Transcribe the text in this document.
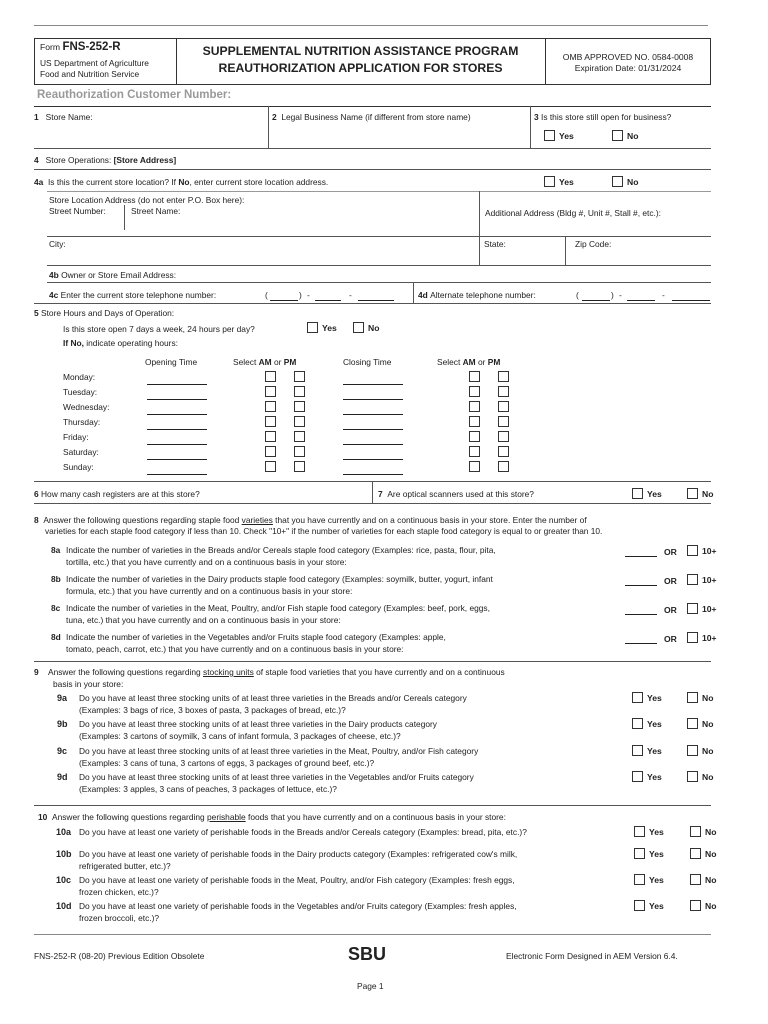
Form FNS-252-R
US Department of Agriculture
Food and Nutrition Service
SUPPLEMENTAL NUTRITION ASSISTANCE PROGRAM
REAUTHORIZATION APPLICATION FOR STORES
OMB APPROVED NO. 0584-0008
Expiration Date: 01/31/2024
Reauthorization Customer Number:
1 Store Name:	2 Legal Business Name (if different from store name)	3 Is this store still open for business?
Yes	No
4 Store Operations: [Store Address]
4a Is this the current store location? If No, enter current store location address.	Yes	No
Store Location Address (do not enter P.O. Box here):
Street Number:	Street Name:	Additional Address (Bldg #, Unit #, Stall #, etc.):
City:	State:	Zip Code:
4b Owner or Store Email Address:
4c Enter the current store telephone number:	(	) -	-	4d Alternate telephone number:	(	) -	-
5 Store Hours and Days of Operation:
Is this store open 7 days a week, 24 hours per day?	Yes	No
If No, indicate operating hours:
Opening Time	Select AM or PM	Closing Time	Select AM or PM
Monday:
Tuesday:
Wednesday:
Thursday:
Friday:
Saturday:
Sunday:
6 How many cash registers are at this store?	7 Are optical scanners used at this store?	Yes	No
8 Answer the following questions regarding staple food varieties that you have currently and on a continuous basis in your store. Enter the number of
varieties for each staple food category if less than 10. Check "10+" if the number of varieties for each staple food category is equal to or greater than 10.
8a Indicate the number of varieties in the Breads and/or Cereals staple food category (Examples: rice, pasta, flour, pita,
tortilla, etc.) that you have currently and on a continuous basis in your store:
OR	10+
8b Indicate the number of varieties in the Dairy products staple food category (Examples: soymilk, butter, yogurt, infant
formula, etc.) that you have currently and on a continuous basis in your store:
OR	10+
8c Indicate the number of varieties in the Meat, Poultry, and/or Fish staple food category (Examples: beef, pork, eggs,
tuna, etc.) that you have currently and on a continuous basis in your store:
OR	10+
8d Indicate the number of varieties in the Vegetables and/or Fruits staple food category (Examples: apple,
tomato, peach, carrot, etc.) that you have currently and on a continuous basis in your store:
OR	10+
9 Answer the following questions regarding stocking units of staple food varieties that you have currently and on a continuous
basis in your store:
9a Do you have at least three stocking units of at least three varieties in the Breads and/or Cereals category
(Examples: 3 bags of rice, 3 boxes of pasta, 3 packages of bread, etc.)?
Yes	No
9b Do you have at least three stocking units of at least three varieties in the Dairy products category
(Examples: 3 cartons of soymilk, 3 cans of infant formula, 3 packages of cheese, etc.)?
Yes	No
9c Do you have at least three stocking units of at least three varieties in the Meat, Poultry, and/or Fish category
(Examples: 3 cans of tuna, 3 cartons of eggs, 3 packages of ground beef, etc.)?
Yes	No
9d Do you have at least three stocking units of at least three varieties in the Vegetables and/or Fruits category
(Examples: 3 apples, 3 cans of peaches, 3 packages of lettuce, etc.)?
Yes	No
10 Answer the following questions regarding perishable foods that you have currently and on a continuous basis in your store:
10a Do you have at least one variety of perishable foods in the Breads and/or Cereals category (Examples: bread, pita, etc.)?	Yes	No
10b Do you have at least one variety of perishable foods in the Dairy products category (Examples: refrigerated cow's milk,
refrigerated butter, etc.)?
Yes	No
10c Do you have at least one variety of perishable foods in the Meat, Poultry, and/or Fish category (Examples: fresh eggs,
frozen chicken, etc.)?
Yes	No
10d Do you have at least one variety of perishable foods in the Vegetables and/or Fruits category (Examples: fresh apples,
frozen broccoli, etc.)?
Yes	No
FNS-252-R (08-20) Previous Edition Obsolete	SBU	Electronic Form Designed in AEM Version 6.4.
Page 1
